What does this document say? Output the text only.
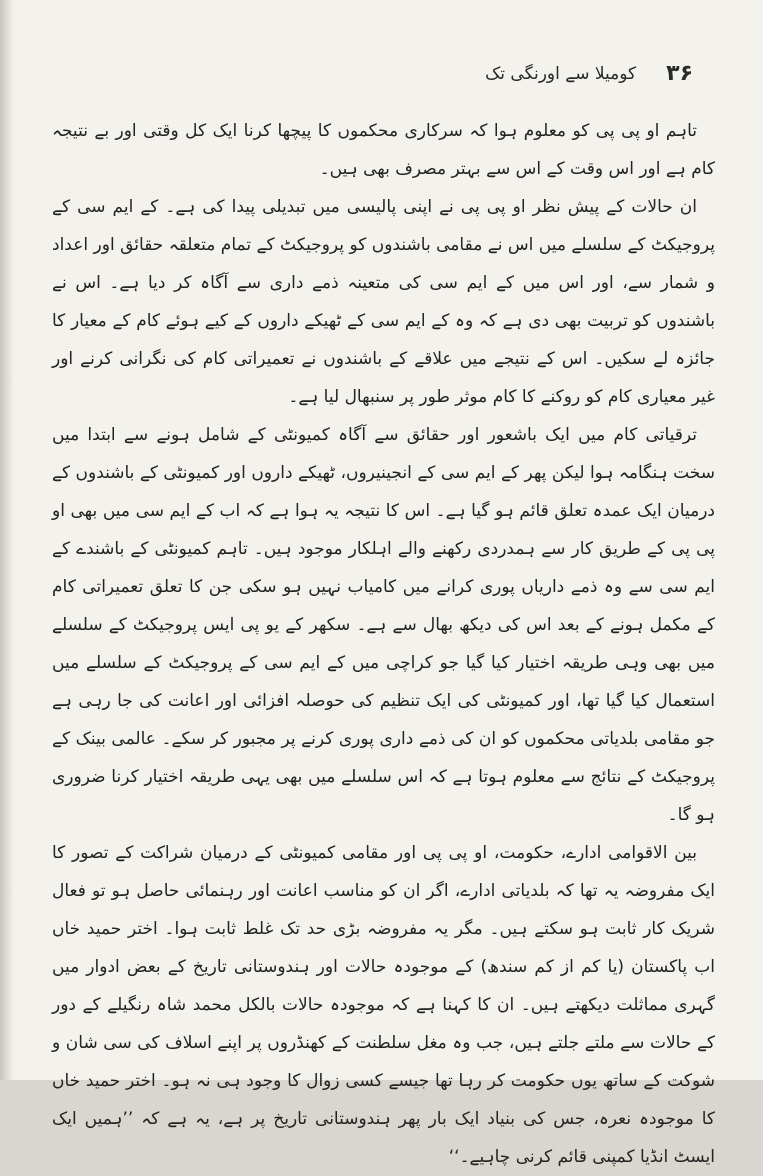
۳۶
کومیلا سے اورنگی تک

تاہم او پی پی کو معلوم ہوا کہ سرکاری محکموں کا پیچھا کرنا ایک کل وقتی اور بے نتیجہ کام ہے اور اس وقت کے اس سے بہتر مصرف بھی ہیں۔

ان حالات کے پیش نظر او پی پی نے اپنی پالیسی میں تبدیلی پیدا کی ہے۔ کے ایم سی کے پروجیکٹ کے سلسلے میں اس نے مقامی باشندوں کو پروجیکٹ کے تمام متعلقہ حقائق اور اعداد و شمار سے، اور اس میں کے ایم سی کی متعینہ ذمے داری سے آگاہ کر دیا ہے۔ اس نے باشندوں کو تربیت بھی دی ہے کہ وہ کے ایم سی کے ٹھیکے داروں کے کیے ہوئے کام کے معیار کا جائزہ لے سکیں۔ اس کے نتیجے میں علاقے کے باشندوں نے تعمیراتی کام کی نگرانی کرنے اور غیر معیاری کام کو روکنے کا کام موثر طور پر سنبھال لیا ہے۔

ترقیاتی کام میں ایک باشعور اور حقائق سے آگاہ کمیونٹی کے شامل ہونے سے ابتدا میں سخت ہنگامہ ہوا لیکن پھر کے ایم سی کے انجینیروں، ٹھیکے داروں اور کمیونٹی کے باشندوں کے درمیان ایک عمدہ تعلق قائم ہو گیا ہے۔ اس کا نتیجہ یہ ہوا ہے کہ اب کے ایم سی میں بھی او پی پی کے طریق کار سے ہمدردی رکھنے والے اہلکار موجود ہیں۔ تاہم کمیونٹی کے باشندے کے ایم سی سے وہ ذمے داریاں پوری کرانے میں کامیاب نہیں ہو سکی جن کا تعلق تعمیراتی کام کے مکمل ہونے کے بعد اس کی دیکھ بھال سے ہے۔ سکھر کے یو پی ایس پروجیکٹ کے سلسلے میں بھی وہی طریقہ اختیار کیا گیا جو کراچی میں کے ایم سی کے پروجیکٹ کے سلسلے میں استعمال کیا گیا تھا، اور کمیونٹی کی ایک تنظیم کی حوصلہ افزائی اور اعانت کی جا رہی ہے جو مقامی بلدیاتی محکموں کو ان کی ذمے داری پوری کرنے پر مجبور کر سکے۔ عالمی بینک کے پروجیکٹ کے نتائج سے معلوم ہوتا ہے کہ اس سلسلے میں بھی یہی طریقہ اختیار کرنا ضروری ہو گا۔

بین الاقوامی ادارے، حکومت، او پی پی اور مقامی کمیونٹی کے درمیان شراکت کے تصور کا ایک مفروضہ یہ تھا کہ بلدیاتی ادارے، اگر ان کو مناسب اعانت اور رہنمائی حاصل ہو تو فعال شریک کار ثابت ہو سکتے ہیں۔ مگر یہ مفروضہ بڑی حد تک غلط ثابت ہوا۔ اختر حمید خاں اب پاکستان (یا کم از کم سندھ) کے موجودہ حالات اور ہندوستانی تاریخ کے بعض ادوار میں گہری مماثلت دیکھتے ہیں۔ ان کا کہنا ہے کہ موجودہ حالات بالکل محمد شاہ رنگیلے کے دور کے حالات سے ملتے جلتے ہیں، جب وہ مغل سلطنت کے کھنڈروں پر اپنے اسلاف کی سی شان و شوکت کے ساتھ یوں حکومت کر رہا تھا جیسے کسی زوال کا وجود ہی نہ ہو۔ اختر حمید خاں کا موجودہ نعرہ، جس کی بنیاد ایک بار پھر ہندوستانی تاریخ پر ہے، یہ ہے کہ ’’ہمیں ایک ایسٹ انڈیا کمپنی قائم کرنی چاہیے۔‘‘
